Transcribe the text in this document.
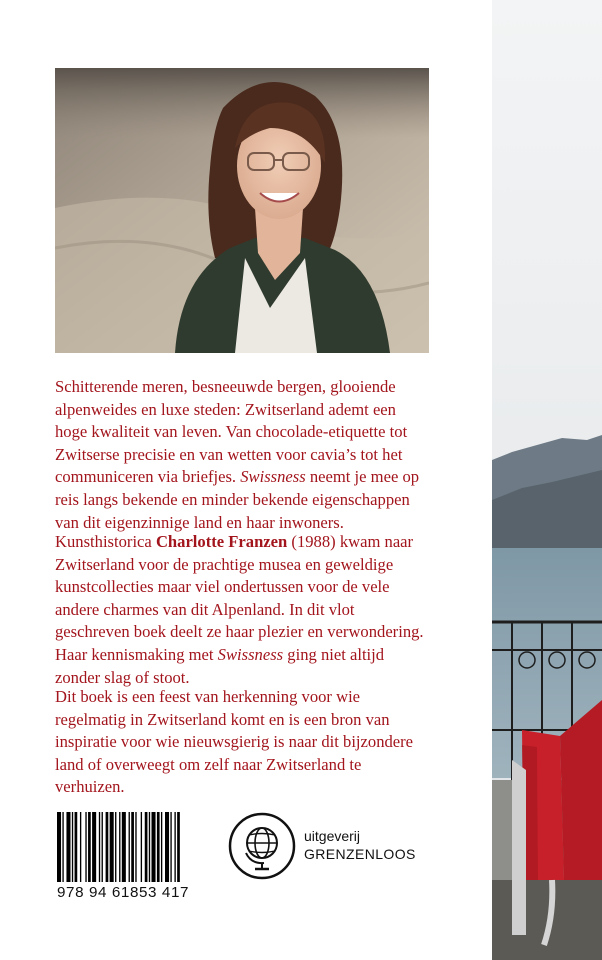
Schitterende meren, besneeuwde bergen, glooiende alpenweides en luxe steden: Zwitserland ademt een hoge kwaliteit van leven. Van chocolade-etiquette tot Zwitserse precisie en van wetten voor cavia’s tot het communiceren via briefjes. Swissness neemt je mee op reis langs bekende en minder bekende eigenschappen van dit eigenzinnige land en haar inwoners.

Kunsthistorica Charlotte Franzen (1988) kwam naar Zwitserland voor de prachtige musea en geweldige kunstcollecties maar viel ondertussen voor de vele andere charmes van dit Alpenland. In dit vlot geschreven boek deelt ze haar plezier en verwondering. Haar kennismaking met Swissness ging niet altijd zonder slag of stoot.

Dit boek is een feest van herkenning voor wie regelmatig in Zwitserland komt en is een bron van inspiratie voor wie nieuwsgierig is naar dit bijzondere land of overweegt om zelf naar Zwitserland te verhuizen.

978 94 61853 417
uitgeverij
GRENZENLOOS
